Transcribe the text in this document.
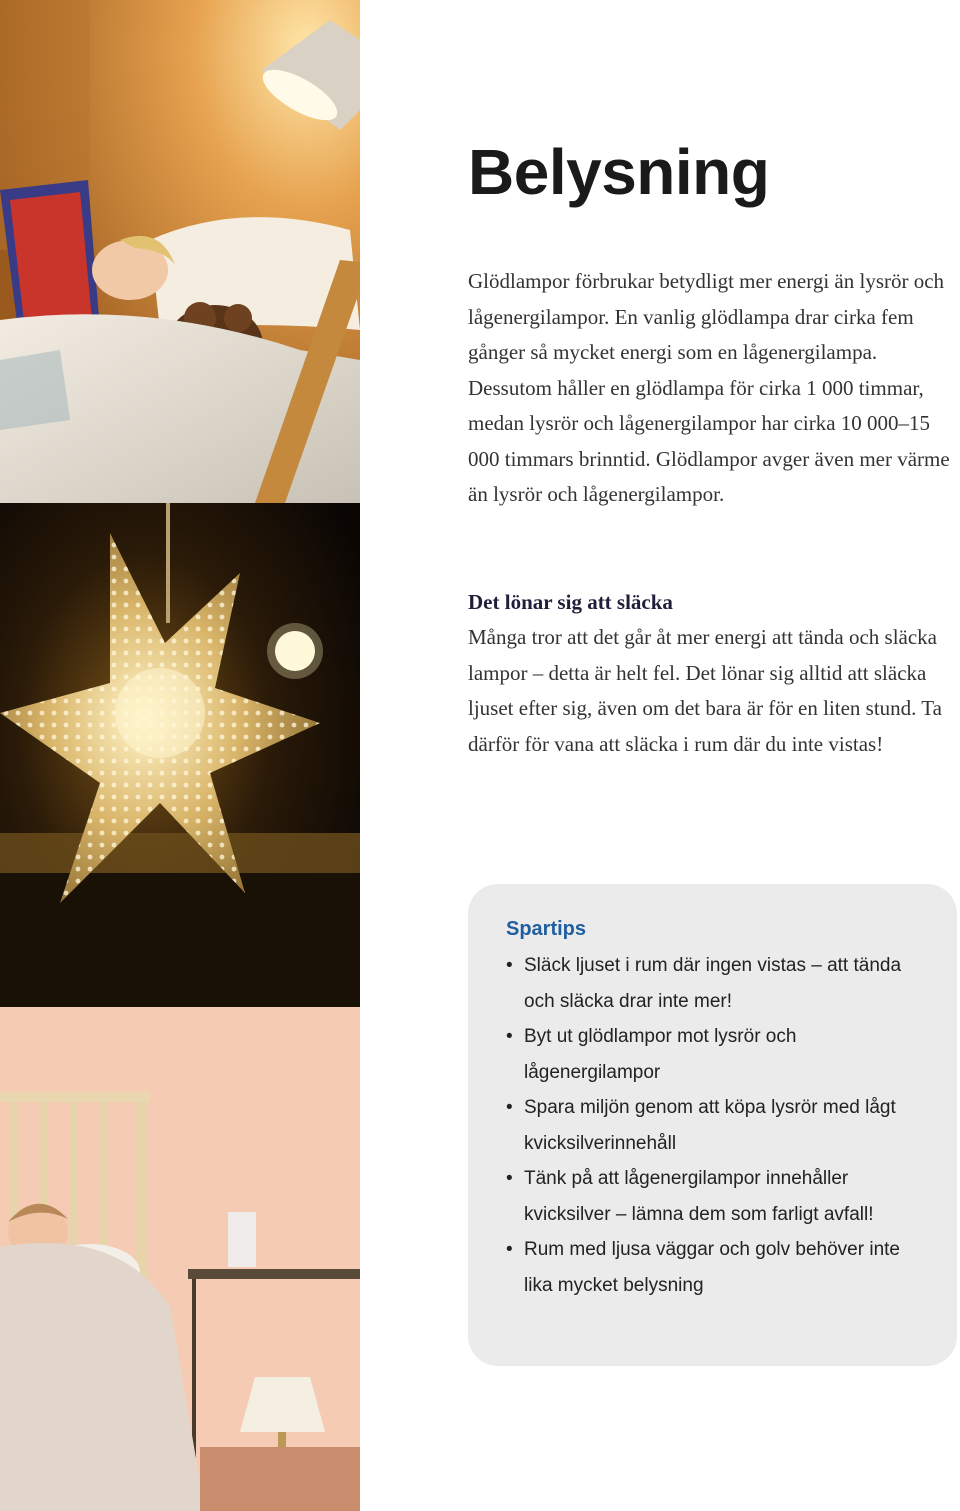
Belysning

Glödlampor förbrukar betydligt mer energi än lysrör och lågenergilampor. En vanlig glödlampa drar cirka fem gånger så mycket energi som en lågenergilampa. Dessutom håller en glödlampa för cirka 1 000 timmar, medan lysrör och lågenergilampor har cirka 10 000–15 000 timmars brinntid. Glödlampor avger även mer värme än lysrör och lågenergilampor.

Det lönar sig att släcka

Många tror att det går åt mer energi att tända och släcka lampor – detta är helt fel. Det lönar sig alltid att släcka ljuset efter sig, även om det bara är för en liten stund. Ta därför för vana att släcka i rum där du inte vistas!

Spartips
• Släck ljuset i rum där ingen vistas – att tända och släcka drar inte mer!
• Byt ut glödlampor mot lysrör och lågenergilampor
• Spara miljön genom att köpa lysrör med lågt kvicksilverinnehåll
• Tänk på att lågenergilampor innehåller kvicksilver – lämna dem som farligt avfall!
• Rum med ljusa väggar och golv behöver inte lika mycket belysning
